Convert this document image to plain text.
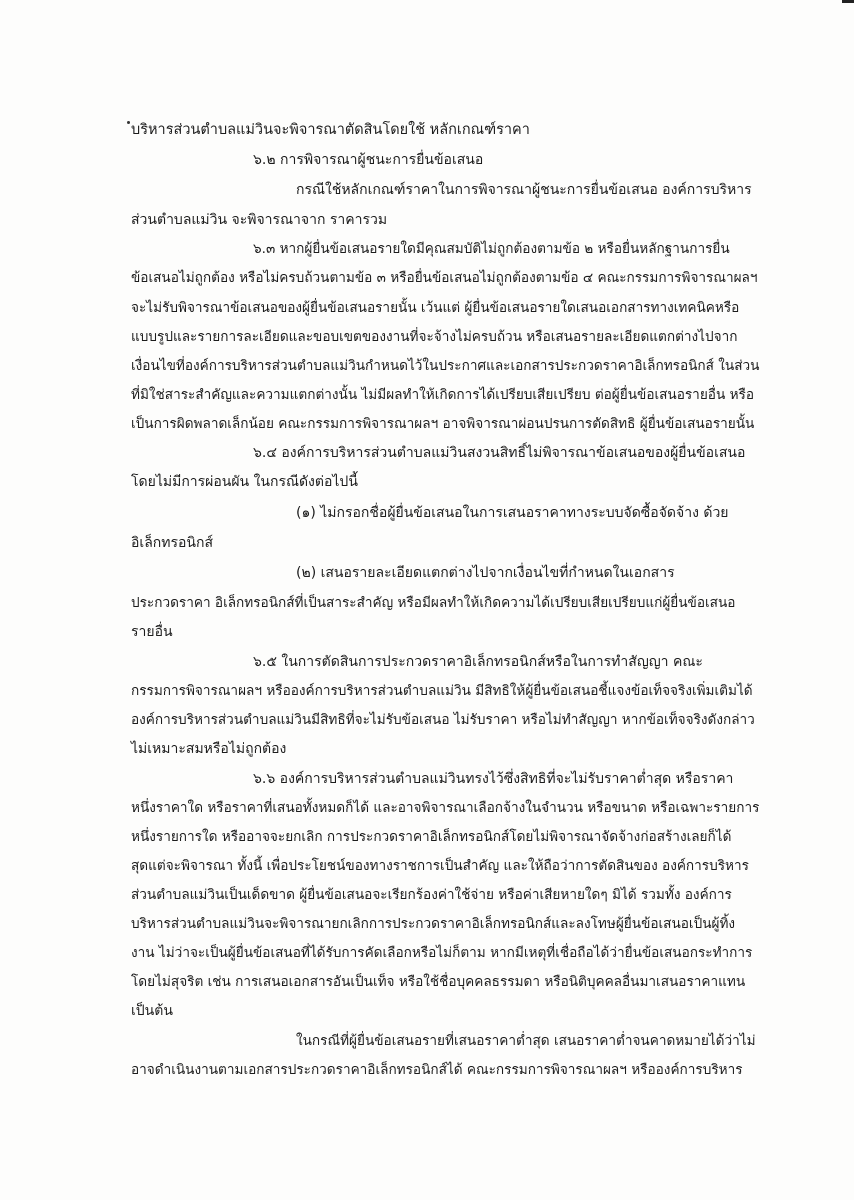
บริหารส่วนตำบลแม่วินจะพิจารณาตัดสินโดยใช้ หลักเกณฑ์ราคา
๖.๒ การพิจารณาผู้ชนะการยื่นข้อเสนอ
กรณีใช้หลักเกณฑ์ราคาในการพิจารณาผู้ชนะการยื่นข้อเสนอ องค์การบริหาร
ส่วนตำบลแม่วิน จะพิจารณาจาก ราคารวม
๖.๓ หากผู้ยื่นข้อเสนอรายใดมีคุณสมบัติไม่ถูกต้องตามข้อ ๒ หรือยื่นหลักฐานการยื่น
ข้อเสนอไม่ถูกต้อง หรือไม่ครบถ้วนตามข้อ ๓ หรือยื่นข้อเสนอไม่ถูกต้องตามข้อ ๔ คณะกรรมการพิจารณาผลฯ
จะไม่รับพิจารณาข้อเสนอของผู้ยื่นข้อเสนอรายนั้น เว้นแต่ ผู้ยื่นข้อเสนอรายใดเสนอเอกสารทางเทคนิคหรือ
แบบรูปและรายการละเอียดและขอบเขตของงานที่จะจ้างไม่ครบถ้วน หรือเสนอรายละเอียดแตกต่างไปจาก
เงื่อนไขที่องค์การบริหารส่วนตำบลแม่วินกำหนดไว้ในประกาศและเอกสารประกวดราคาอิเล็กทรอนิกส์ ในส่วน
ที่มิใช่สาระสำคัญและความแตกต่างนั้น ไม่มีผลทำให้เกิดการได้เปรียบเสียเปรียบ ต่อผู้ยื่นข้อเสนอรายอื่น หรือ
เป็นการผิดพลาดเล็กน้อย คณะกรรมการพิจารณาผลฯ อาจพิจารณาผ่อนปรนการตัดสิทธิ ผู้ยื่นข้อเสนอรายนั้น
๖.๔ องค์การบริหารส่วนตำบลแม่วินสงวนสิทธิ์ไม่พิจารณาข้อเสนอของผู้ยื่นข้อเสนอ
โดยไม่มีการผ่อนผัน ในกรณีดังต่อไปนี้
(๑) ไม่กรอกชื่อผู้ยื่นข้อเสนอในการเสนอราคาทางระบบจัดซื้อจัดจ้าง ด้วย
อิเล็กทรอนิกส์
(๒) เสนอรายละเอียดแตกต่างไปจากเงื่อนไขที่กำหนดในเอกสาร
ประกวดราคา อิเล็กทรอนิกส์ที่เป็นสาระสำคัญ หรือมีผลทำให้เกิดความได้เปรียบเสียเปรียบแก่ผู้ยื่นข้อเสนอ
รายอื่น
๖.๕ ในการตัดสินการประกวดราคาอิเล็กทรอนิกส์หรือในการทำสัญญา คณะ
กรรมการพิจารณาผลฯ หรือองค์การบริหารส่วนตำบลแม่วิน มีสิทธิให้ผู้ยื่นข้อเสนอชี้แจงข้อเท็จจริงเพิ่มเติมได้
องค์การบริหารส่วนตำบลแม่วินมีสิทธิที่จะไม่รับข้อเสนอ ไม่รับราคา หรือไม่ทำสัญญา หากข้อเท็จจริงดังกล่าว
ไม่เหมาะสมหรือไม่ถูกต้อง
๖.๖ องค์การบริหารส่วนตำบลแม่วินทรงไว้ซึ่งสิทธิที่จะไม่รับราคาต่ำสุด หรือราคา
หนึ่งราคาใด หรือราคาที่เสนอทั้งหมดก็ได้ และอาจพิจารณาเลือกจ้างในจำนวน หรือขนาด หรือเฉพาะรายการ
หนึ่งรายการใด หรืออาจจะยกเลิก การประกวดราคาอิเล็กทรอนิกส์โดยไม่พิจารณาจัดจ้างก่อสร้างเลยก็ได้
สุดแต่จะพิจารณา ทั้งนี้ เพื่อประโยชน์ของทางราชการเป็นสำคัญ และให้ถือว่าการตัดสินของ องค์การบริหาร
ส่วนตำบลแม่วินเป็นเด็ดขาด ผู้ยื่นข้อเสนอจะเรียกร้องค่าใช้จ่าย หรือค่าเสียหายใดๆ มิได้ รวมทั้ง องค์การ
บริหารส่วนตำบลแม่วินจะพิจารณายกเลิกการประกวดราคาอิเล็กทรอนิกส์และลงโทษผู้ยื่นข้อเสนอเป็นผู้ทิ้ง
งาน ไม่ว่าจะเป็นผู้ยื่นข้อเสนอที่ได้รับการคัดเลือกหรือไม่ก็ตาม หากมีเหตุที่เชื่อถือได้ว่ายื่นข้อเสนอกระทำการ
โดยไม่สุจริต เช่น การเสนอเอกสารอันเป็นเท็จ หรือใช้ชื่อบุคคลธรรมดา หรือนิติบุคคลอื่นมาเสนอราคาแทน
เป็นต้น
ในกรณีที่ผู้ยื่นข้อเสนอรายที่เสนอราคาต่ำสุด เสนอราคาต่ำจนคาดหมายได้ว่าไม่
อาจดำเนินงานตามเอกสารประกวดราคาอิเล็กทรอนิกส์ได้ คณะกรรมการพิจารณาผลฯ หรือองค์การบริหาร
